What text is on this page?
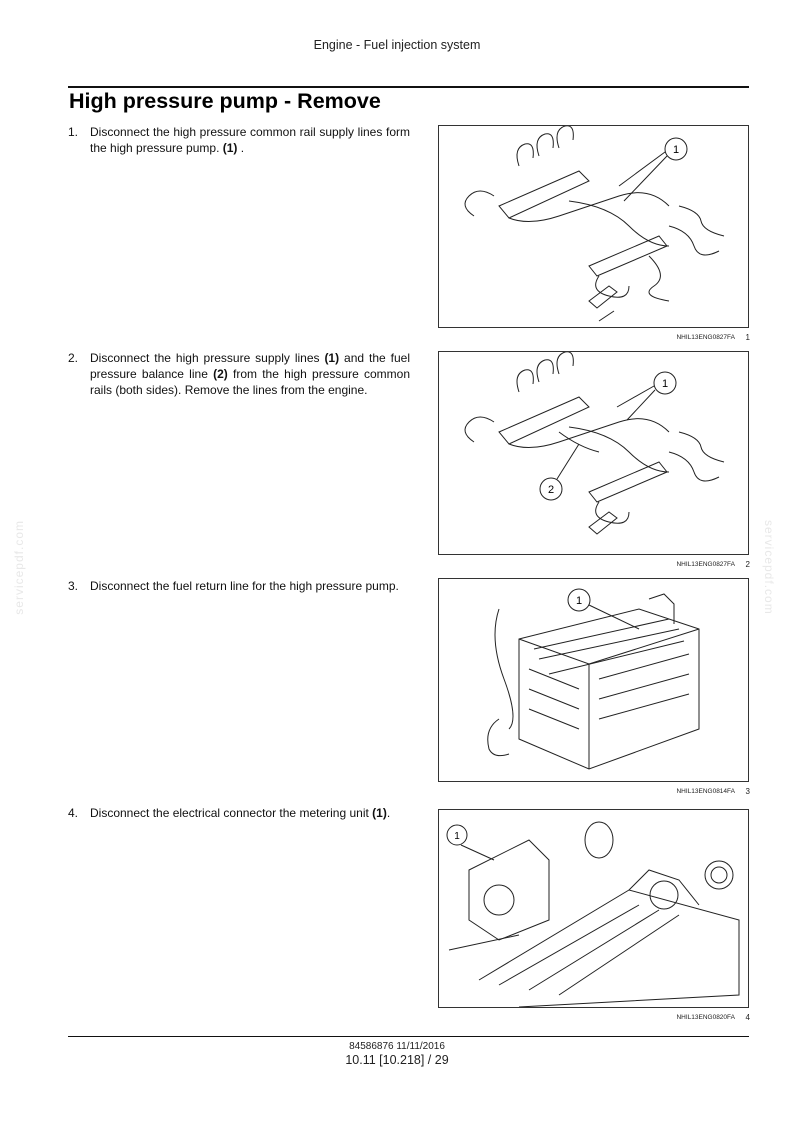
Engine - Fuel injection system
High pressure pump - Remove
1. Disconnect the high pressure common rail supply lines form the high pressure pump. (1) .
2. Disconnect the high pressure supply lines (1) and the fuel pressure balance line (2) from the high pressure common rails (both sides). Remove the lines from the engine.
3. Disconnect the fuel return line for the high pressure pump.
4. Disconnect the electrical connector the metering unit (1).
1
NHIL13ENG0827FA 1
1
2
NHIL13ENG0827FA 2
1
NHIL13ENG0814FA 3
1
NHIL13ENG0820FA 4
84586876 11/11/2016
10.11 [10.218] / 29
servicepdf.com	servicepdf.com
